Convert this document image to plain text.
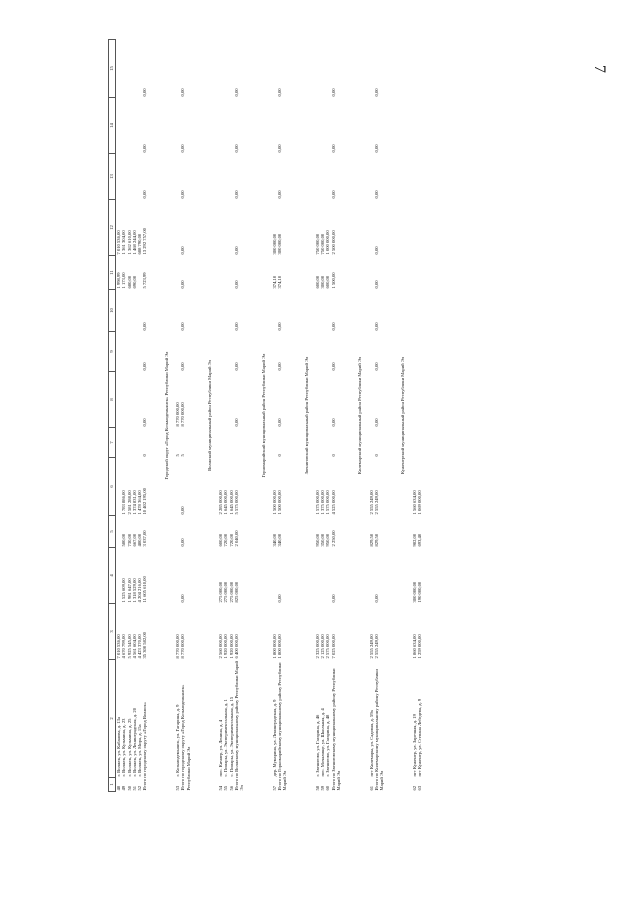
7
1	2	3	4	5	6	7	8	9	10	11	12	13	14	15
48	г. Волжск, ул. Кабанова, д. 13а	7 010 536,00								1 998,99	7 010 536,00			
49	г. Волжск, ул. Кузьмина, д. 23	4 670 799,00	1 525 609,00	580,00	1 783 886,00					1 173,00	1 361 304,00			
50	г. Волжск, ул. Кузьмина, д. 25	5 925 545,00	1 981 647,00	730,00	2 581 288,00					680,00	1 362 610,00			
51	г. Волжск, ул. Ленинградская, д. 20	4 561 604,00	1 318 529,00	667,00	1 374 831,00					690,00	1 468 244,00			
52	г. Волжск, ул. Мира, д. 15а	4 423 370,00	4 204 216,00	480,00	1 478 364,00						688 790,00			
Итого по городскому округу «Город Волжск»		35 300 582,00	11 605 610,00	3 037,00	10 402 195,00	0	0,00	0,00	0,00	5 723,99	13 292 757,00	0,00	0,00	0,00
Городской округ «Город Козьмодемьянск» Республики Марий Эл														
53	г. Козьмодемьянск, ул. Гагарина, д. 9	8 770 000,00				5	8 770 000,00							
Итого по городскому округу «Город Козьмодемьянск» Республики Марий Эл		8 770 000,00	0,00	0,00	0,00	5	8 770 000,00	0,00	0,00	0,00	0,00	0,00	0,00	0,00
Волжский муниципальный район Республики Марий Эл														
54	пос. Кичиер, ул. Ленина, д. 4	2 560 000,00	275 000,00	600,00	2 285 000,00									
55	с. Помары, ул. Экспериментальная, д. 1	1 920 000,00	275 000,00	720,00	1 645 000,00									
56	с. Помары, ул. Экспериментальная, д. 15	1 920 000,00	275 000,00	720,00	1 645 000,00									
Итого по Волжскому муниципальному району Республики Марий Эл		6 400 000,00	825 000,00	2 040,00	5 575 000,00		0,00	0,00	0,00	0,00	0,00	0,00	0,00	0,00
Горномарийский муниципальный район Республики Марий Эл														
57	дер. Мумарина, ул. Ленинградская, д. 9	1 800 000,00		340,00	1 500 000,00					374,10	300 000,00			
Итого по Горномарийскому муниципальному району Республики Марий Эл		1 800 000,00	0,00	340,00	1 500 000,00	0	0,00	0,00	0,00	374,10	300 000,00	0,00	0,00	0,00
Звениговский муниципальный район Республики Марий Эл														
58	г. Звенигово, ул. Гагарина, д. 46	2 325 000,00		950,00	1 575 000,00					600,00	750 000,00			
59	пос. Мочалище, ул. Школьная, д. 4	2 125 000,00		350,00	1 375 000,00					300,00	750 000,00			
60	г. Звенигово, ул. Гагарина, д. 48	2 575 000,00		950,00	1 575 000,00					600,00	1 000 000,00			
Итого по Звениговскому муниципальному району Республики Марий Эл		7 025 000,00	0,00	2 250,00	4 525 000,00	0	0,00	0,00	0,00	1 500,00	2 500 000,00	0,00	0,00	0,00
Килемарский муниципальный район Республики Марий Эл														
61	пгт Килемары, ул. Садовая, д. 59а	2 555 249,00		829,50	2 555 249,00									
Итого по Килемарскому муниципальному району Республики Марий Эл		2 555 249,00	0,00	829,50	2 555 249,00	0	0,00	0,00	0,00	0,00	0,00	0,00	0,00	0,00
Куженерский муниципальный район Республики Марий Эл														
62	пгт Куженер, ул. Заречная, д. 19	1 860 634,00	300 000,00	982,00	1 560 634,00									
63	пгт Куженер, ул. Степана Лебедева, д. 9	1 259 000,00	190 000,00	693,40	1 069 000,00									
